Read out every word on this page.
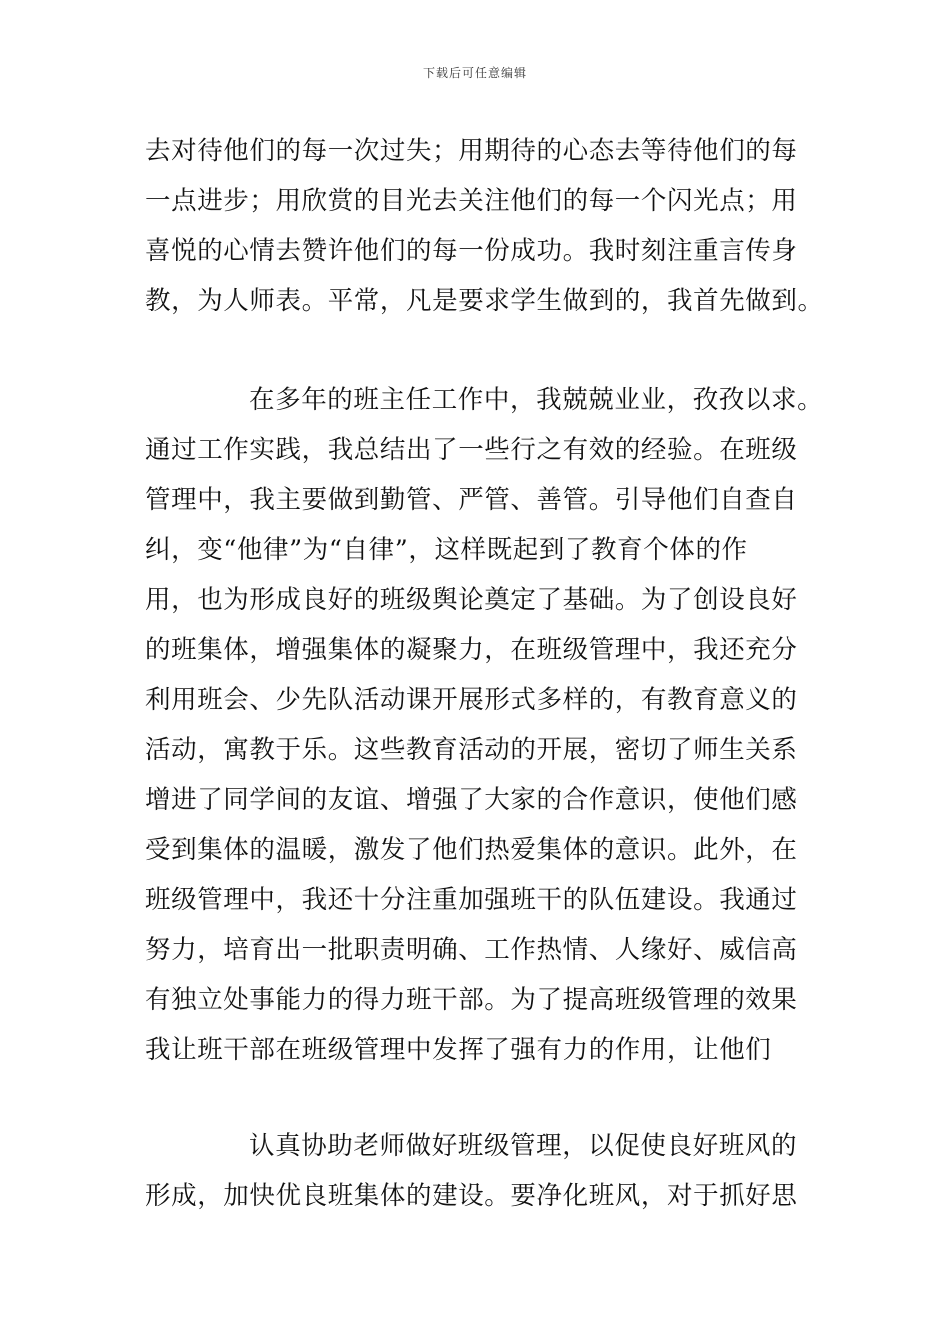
下载后可任意编辑
去对待他们的每一次过失；用期待的心态去等待他们的每
一点进步；用欣赏的目光去关注他们的每一个闪光点；用
喜悦的心情去赞许他们的每一份成功。我时刻注重言传身
教，为人师表。平常，凡是要求学生做到的，我首先做到。
在多年的班主任工作中，我兢兢业业，孜孜以求。
通过工作实践，我总结出了一些行之有效的经验。在班级
管理中，我主要做到勤管、严管、善管。引导他们自查自
纠，变“他律”为“自律”，这样既起到了教育个体的作
用，也为形成良好的班级舆论奠定了基础。为了创设良好
的班集体，增强集体的凝聚力，在班级管理中，我还充分
利用班会、少先队活动课开展形式多样的，有教育意义的
活动，寓教于乐。这些教育活动的开展，密切了师生关系
增进了同学间的友谊、增强了大家的合作意识，使他们感
受到集体的温暖，激发了他们热爱集体的意识。此外，在
班级管理中，我还十分注重加强班干的队伍建设。我通过
努力，培育出一批职责明确、工作热情、人缘好、威信高
有独立处事能力的得力班干部。为了提高班级管理的效果
我让班干部在班级管理中发挥了强有力的作用，让他们
认真协助老师做好班级管理，以促使良好班风的
形成，加快优良班集体的建设。要净化班风，对于抓好思
